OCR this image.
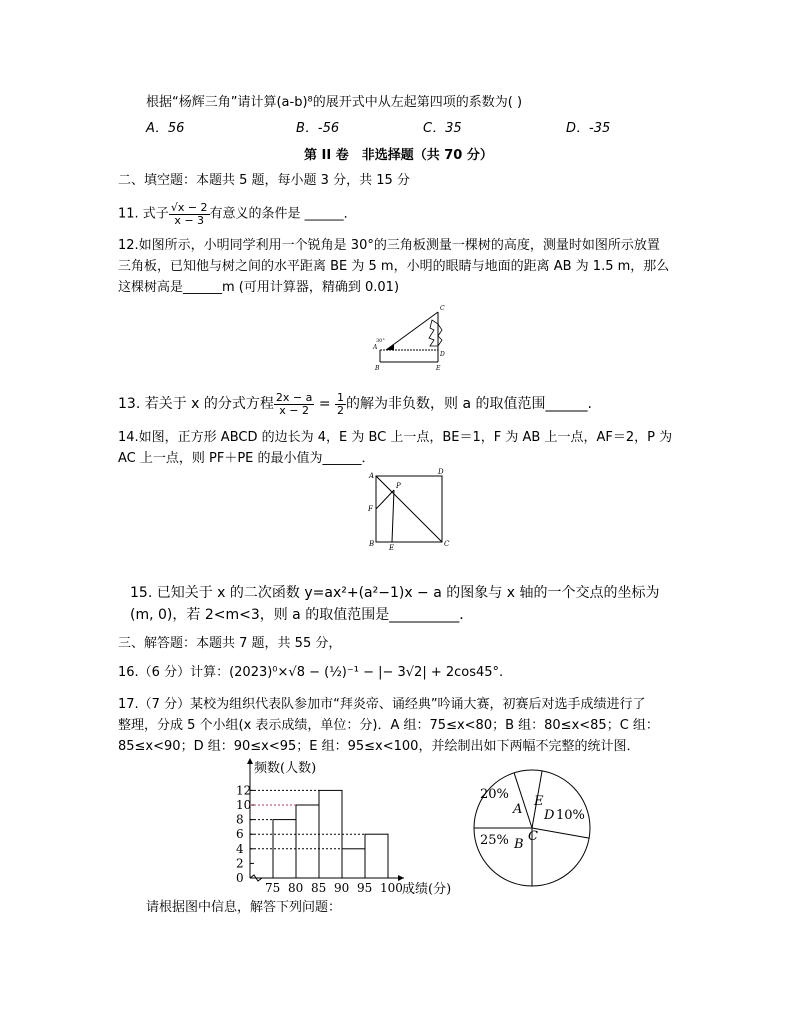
根据“杨辉三角”请计算(a-b)⁸的展开式中从左起第四项的系数为( )
A．56	B．-56	C．35	D．-35
第 II 卷　非选择题（共 70 分）
二、填空题：本题共 5 题，每小题 3 分，共 15 分
11. 式子 $\frac{√x - 2}{x - 3}$ 有意义的条件是 ______．
12.如图所示，小明同学利用一个锐角是 30°的三角板测量一棵树的高度，测量时如图所示放置
三角板，已知他与树之间的水平距离 BE 为 5 m，小明的眼睛与地面的距离 AB 为 1.5 m，那么
这棵树高是______m (可用计算器，精确到 0.01)
C
A
B
D
E
30°
13. 若关于 x 的分式方程 $\frac{2x - a}{x - 2} = \frac{1}{2}$ 的解为非负数，则 a 的取值范围______.
14.如图，正方形 ABCD 的边长为 4，E 为 BC 上一点，BE＝1，F 为 AB 上一点，AF＝2，P 为
AC 上一点，则 PF＋PE 的最小值为______．
A
B	C
D
E
F
P
15. 已知关于 x 的二次函数 y=ax²+(a²−1)x − a 的图象与 x 轴的一个交点的坐标为
(m, 0)，若 2<m<3，则 a 的取值范围是__________．
三、解答题：本题共 7 题，共 55 分，
16.（6 分）计算：(2023)⁰×√8 − (½)⁻¹ − |− 3√2| + 2cos45°.
17.（7 分）某校为组织代表队参加市“拜炎帝、诵经典”吟诵大赛，初赛后对选手成绩进行了
整理，分成 5 个小组(x 表示成绩，单位：分)．A 组：75≤x<80；B 组：80≤x<85；C 组：
85≤x<90；D 组：90≤x<95；E 组：95≤x<100，并绘制出如下两幅不完整的统计图．
0
2
4
6
8
10
12
75 80 85 90 95 100
频数(人数)
成绩(分)
20%
A
25% B
C
D 10%
E
请根据图中信息，解答下列问题：
